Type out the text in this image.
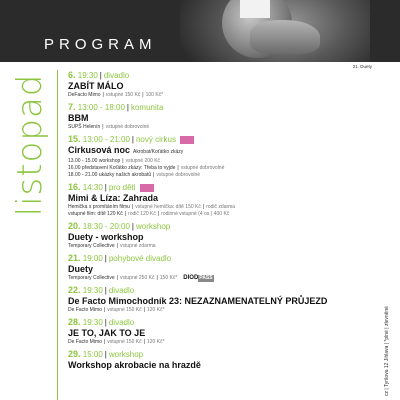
PROGRAM
21. Duety
listopad 6. 19:30 | divadlo
ZABÍT MÁLO
DeFacto Mimo | vstupné 150 Kč | 100 Kč*
7. 13:00 - 18:00 | komunita
BBM
SUPŠ Helenín | vstupné dobrovolné
15. 13:00 - 21:00 | nový cirkus
Cirkusová noc Akrobat/Koťátko zkázy
13.00 - 15.00 workshop | vstupné 200 Kč
16.00 představení Koťátko zkázy: Třeba to vyjde | vstupné dobrovolné
18.00 - 21.00 ukázky našich akrobatů | vstupné dobrovolné
16. 14:30 | pro děti
Mimi & Líza: Zahrada
Hemička s promítáním filmu | vstupné hemička: dítě 150 Kč | rodič zdarma
vstupné film: dítě 120 Kč | rodič 120 Kč | rodinné vstupné (4 os.) 400 Kč
20. 18:30 - 20:00 | workshop
Duety - workshop
Temporary Collective | vstupné zdarma
21. 19:00 | pohybové divadlo
Duety
Temporary Collective | vstupné 250 Kč | 150 Kč* DIODPASS
22. 19:30 | divadlo
De Facto Mimochodník 23: NEZAZNAMENATELNÝ PRŮJEZD
De Facto Mimo | vstupné 150 Kč | 120 Kč*
28. 19:30 | divadlo
JE TO, JAK TO JE
De Facto Mimo | vstupné 150 Kč | 120 Kč*
29. 15:00 | workshop
Workshop akrobacie na hrazdě	cz | Tyršova 12 Jihlava | *plné | zlevněné
